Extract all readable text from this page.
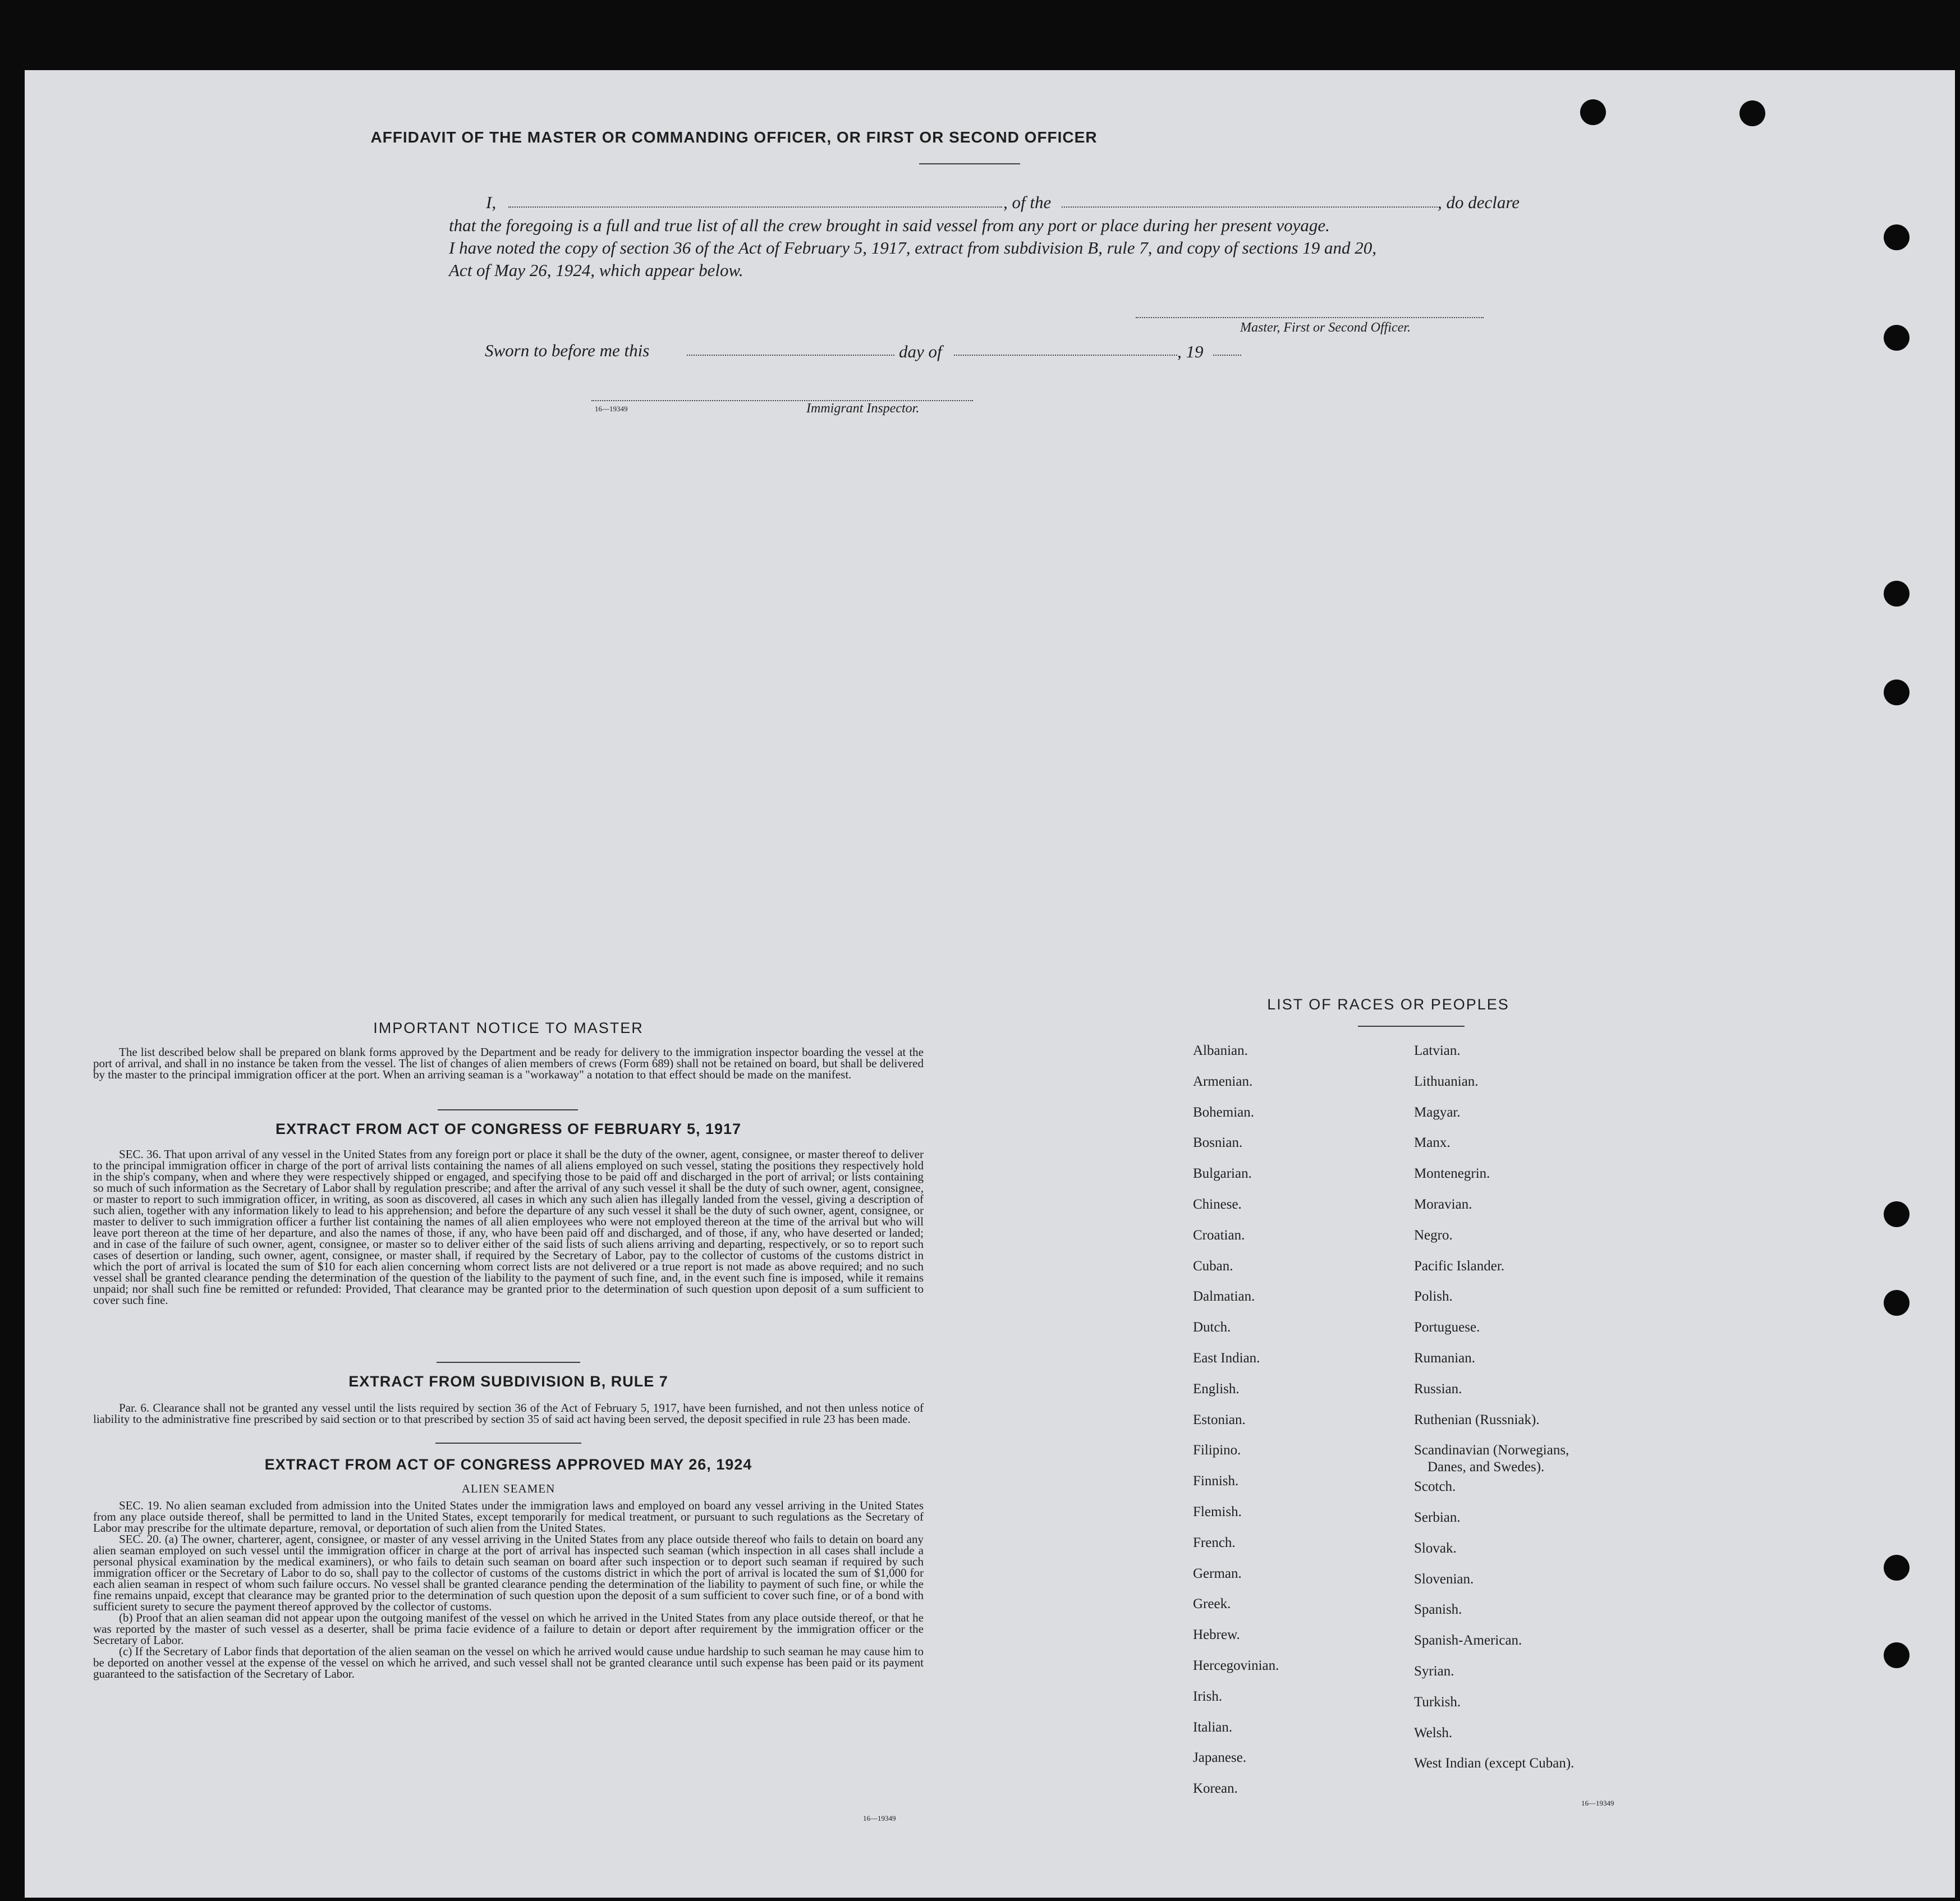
AFFIDAVIT OF THE MASTER OR COMMANDING OFFICER, OR FIRST OR SECOND OFFICER
I,	, of the	, do declare
that the foregoing is a full and true list of all the crew brought in said vessel from any port or place during her present voyage.
I have noted the copy of section 36 of the Act of February 5, 1917, extract from subdivision B, rule 7, and copy of sections 19 and 20,
Act of May 26, 1924, which appear below.
Master, First or Second Officer.
Sworn to before me this	day of	, 19
16—19349	Immigrant Inspector.
IMPORTANT NOTICE TO MASTER

The list described below shall be prepared on blank forms approved by the Department and be ready for delivery to the immigration inspector boarding the vessel at the port of arrival, and shall in no instance be taken from the vessel. The list of changes of alien members of crews (Form 689) shall not be retained on board, but shall be delivered by the master to the principal immigration officer at the port. When an arriving seaman is a "workaway" a notation to that effect should be made on the manifest.

EXTRACT FROM ACT OF CONGRESS OF FEBRUARY 5, 1917

SEC. 36. That upon arrival of any vessel in the United States from any foreign port or place it shall be the duty of the owner, agent, consignee, or master thereof to deliver to the principal immigration officer in charge of the port of arrival lists containing the names of all aliens employed on such vessel, stating the positions they respectively hold in the ship's company, when and where they were respectively shipped or engaged, and specifying those to be paid off and discharged in the port of arrival; or lists containing so much of such information as the Secretary of Labor shall by regulation prescribe; and after the arrival of any such vessel it shall be the duty of such owner, agent, consignee, or master to report to such immigration officer, in writing, as soon as discovered, all cases in which any such alien has illegally landed from the vessel, giving a description of such alien, together with any information likely to lead to his apprehension; and before the departure of any such vessel it shall be the duty of such owner, agent, consignee, or master to deliver to such immigration officer a further list containing the names of all alien employees who were not employed thereon at the time of the arrival but who will leave port thereon at the time of her departure, and also the names of those, if any, who have been paid off and discharged, and of those, if any, who have deserted or landed; and in case of the failure of such owner, agent, consignee, or master so to deliver either of the said lists of such aliens arriving and departing, respectively, or so to report such cases of desertion or landing, such owner, agent, consignee, or master shall, if required by the Secretary of Labor, pay to the collector of customs of the customs district in which the port of arrival is located the sum of $10 for each alien concerning whom correct lists are not delivered or a true report is not made as above required; and no such vessel shall be granted clearance pending the determination of the question of the liability to the payment of such fine, and, in the event such fine is imposed, while it remains unpaid; nor shall such fine be remitted or refunded: Provided, That clearance may be granted prior to the determination of such question upon deposit of a sum sufficient to cover such fine.

EXTRACT FROM SUBDIVISION B, RULE 7

Par. 6. Clearance shall not be granted any vessel until the lists required by section 36 of the Act of February 5, 1917, have been furnished, and not then unless notice of liability to the administrative fine prescribed by said section or to that prescribed by section 35 of said act having been served, the deposit specified in rule 23 has been made.

EXTRACT FROM ACT OF CONGRESS APPROVED MAY 26, 1924
ALIEN SEAMEN

SEC. 19. No alien seaman excluded from admission into the United States under the immigration laws and employed on board any vessel arriving in the United States from any place outside thereof, shall be permitted to land in the United States, except temporarily for medical treatment, or pursuant to such regulations as the Secretary of Labor may prescribe for the ultimate departure, removal, or deportation of such alien from the United States.

SEC. 20. (a) The owner, charterer, agent, consignee, or master of any vessel arriving in the United States from any place outside thereof who fails to detain on board any alien seaman employed on such vessel until the immigration officer in charge at the port of arrival has inspected such seaman (which inspection in all cases shall include a personal physical examination by the medical examiners), or who fails to detain such seaman on board after such inspection or to deport such seaman if required by such immigration officer or the Secretary of Labor to do so, shall pay to the collector of customs of the customs district in which the port of arrival is located the sum of $1,000 for each alien seaman in respect of whom such failure occurs. No vessel shall be granted clearance pending the determination of the liability to payment of such fine, or while the fine remains unpaid, except that clearance may be granted prior to the determination of such question upon the deposit of a sum sufficient to cover such fine, or of a bond with sufficient surety to secure the payment thereof approved by the collector of customs.

(b) Proof that an alien seaman did not appear upon the outgoing manifest of the vessel on which he arrived in the United States from any place outside thereof, or that he was reported by the master of such vessel as a deserter, shall be prima facie evidence of a failure to detain or deport after requirement by the immigration officer or the Secretary of Labor.

(c) If the Secretary of Labor finds that deportation of the alien seaman on the vessel on which he arrived would cause undue hardship to such seaman he may cause him to be deported on another vessel at the expense of the vessel on which he arrived, and such vessel shall not be granted clearance until such expense has been paid or its payment guaranteed to the satisfaction of the Secretary of Labor.

16—19349
LIST OF RACES OR PEOPLES
16—19349
Albanian.
Armenian.
Bohemian.
Bosnian.
Bulgarian.
Chinese.
Croatian.
Cuban.
Dalmatian.
Dutch.
East Indian.
English.
Estonian.
Filipino.
Finnish.
Flemish.
French.
German.
Greek.
Hebrew.
Hercegovinian.
Irish.
Italian.
Japanese.
Korean.
Latvian.
Lithuanian.
Magyar.
Manx.
Montenegrin.
Moravian.
Negro.
Pacific Islander.
Polish.
Portuguese.
Rumanian.
Russian.
Ruthenian (Russniak).
Scandinavian (Norwegians,
Danes, and Swedes).
Scotch.
Serbian.
Slovak.
Slovenian.
Spanish.
Spanish-American.
Syrian.
Turkish.
Welsh.
West Indian (except Cuban).
